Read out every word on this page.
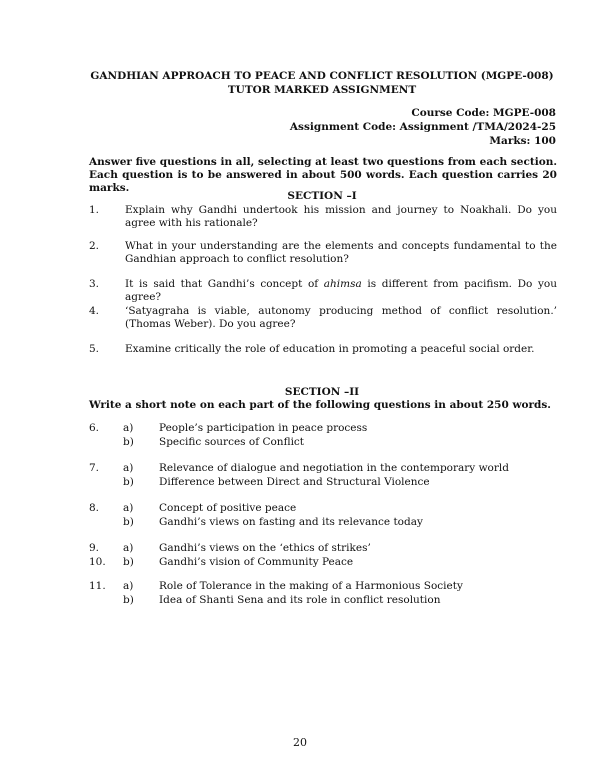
GANDHIAN APPROACH TO PEACE AND CONFLICT RESOLUTION (MGPE-008)
TUTOR MARKED ASSIGNMENT
Course Code: MGPE-008
Assignment Code: Assignment /TMA/2024-25
Marks: 100
Answer five questions in all, selecting at least two questions from each section. Each question is to be answered in about 500 words. Each question carries 20 marks.
SECTION –I
1. Explain why Gandhi undertook his mission and journey to Noakhali. Do you agree with his rationale?
2. What in your understanding are the elements and concepts fundamental to the Gandhian approach to conflict resolution?
3. It is said that Gandhi’s concept of ahimsa is different from pacifism. Do you agree?
4. ‘Satyagraha is viable, autonomy producing method of conflict resolution.’ (Thomas Weber). Do you agree?
5. Examine critically the role of education in promoting a peaceful social order.
SECTION –II
Write a short note on each part of the following questions in about 250 words.
6. a) People’s participation in peace process
b) Specific sources of Conflict
7. a) Relevance of dialogue and negotiation in the contemporary world
b) Difference between Direct and Structural Violence
8. a) Concept of positive peace
b) Gandhi’s views on fasting and its relevance today
9. a) Gandhi’s views on the ‘ethics of strikes’
10. b) Gandhi’s vision of Community Peace
11. a) Role of Tolerance in the making of a Harmonious Society
b) Idea of Shanti Sena and its role in conflict resolution
20
